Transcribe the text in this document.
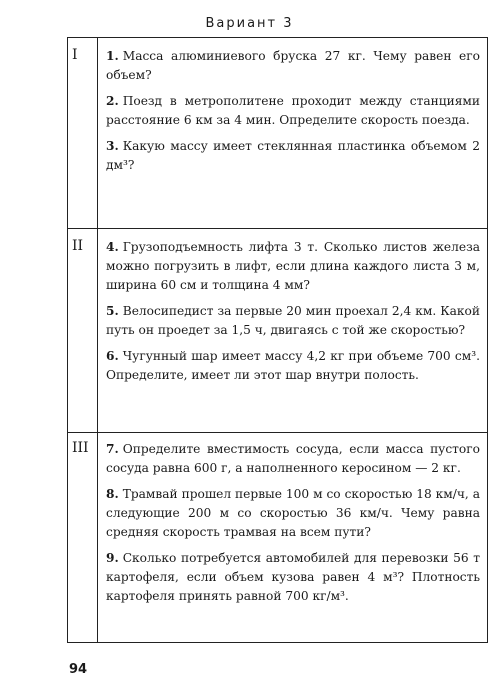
Вариант 3
I	1. Масса алюминиевого бруска 27 кг. Чему равен его объем?

2. Поезд в метрополитене проходит между станциями расстояние 6 км за 4 мин. Определите скорость поезда.

3. Какую массу имеет стеклянная пластинка объемом 2 дм³?

II	4. Грузоподъемность лифта 3 т. Сколько листов железа можно погрузить в лифт, если длина каждого листа 3 м, ширина 60 см и толщина 4 мм?

5. Велосипедист за первые 20 мин проехал 2,4 км. Какой путь он проедет за 1,5 ч, двигаясь с той же скоростью?

6. Чугунный шар имеет массу 4,2 кг при объеме 700 см³. Определите, имеет ли этот шар внутри полость.

III	7. Определите вместимость сосуда, если масса пустого сосуда равна 600 г, а наполненного керосином — 2 кг.

8. Трамвай прошел первые 100 м со скоростью 18 км/ч, а следующие 200 м со скоростью 36 км/ч. Чему равна средняя скорость трамвая на всем пути?

9. Сколько потребуется автомобилей для перевозки 56 т картофеля, если объем кузова равен 4 м³? Плотность картофеля принять равной 700 кг/м³.

94
